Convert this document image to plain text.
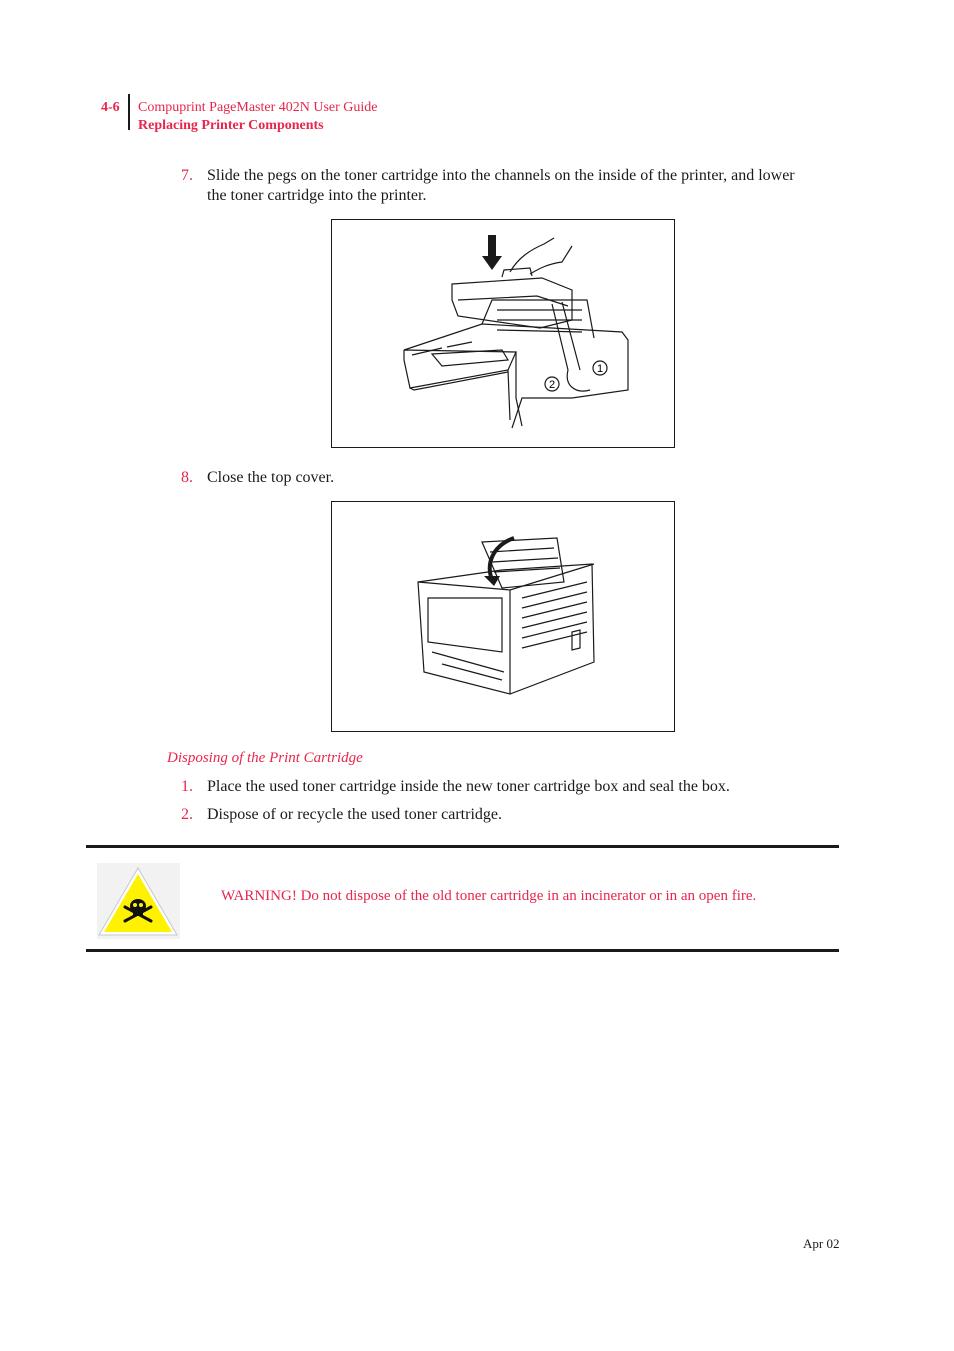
4-6 Compuprint PageMaster 402N User Guide
Replacing Printer Components
7. Slide the pegs on the toner cartridge into the channels on the inside of the printer, and lower
the toner cartridge into the printer.
1
2
8. Close the top cover.
Disposing of the Print Cartridge
1. Place the used toner cartridge inside the new toner cartridge box and seal the box.
2. Dispose of or recycle the used toner cartridge.
WARNING! Do not dispose of the old toner cartridge in an incinerator or in an open fire.
Apr 02
